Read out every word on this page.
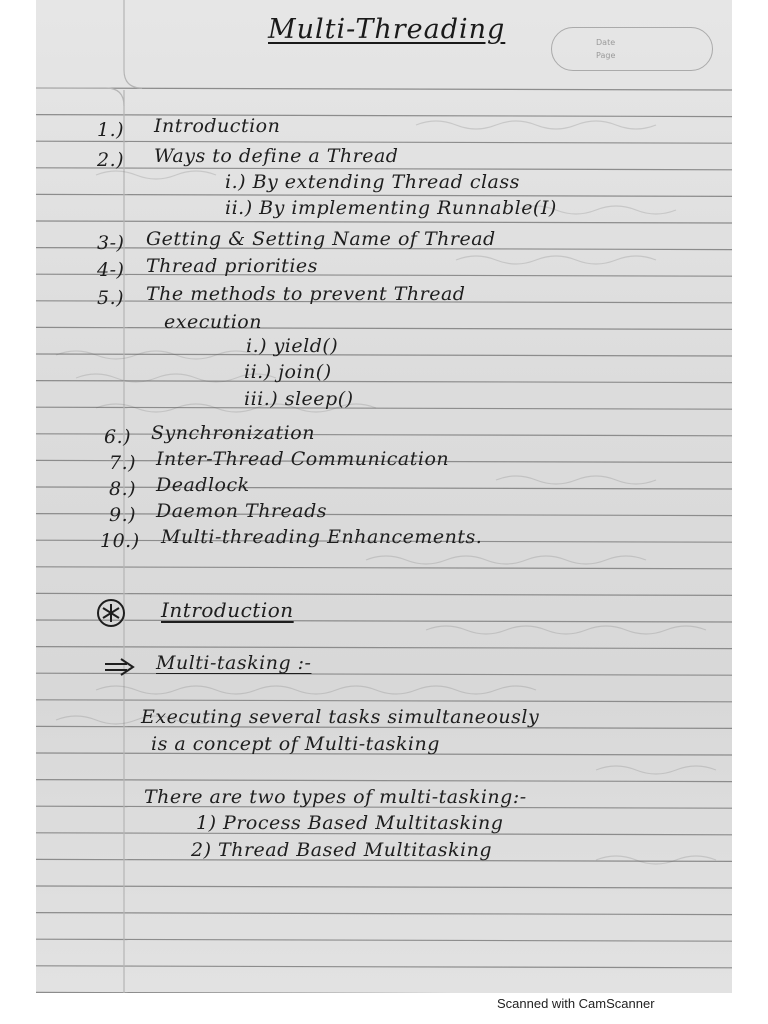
Multi-Threading	Date
Page
1.) Introduction
2.) Ways to define a Thread
i.) By extending Thread class
ii.) By implementing Runnable(I)
3-) Getting & Setting Name of Thread
4-) Thread priorities
5.) The methods to prevent Thread
execution
i.) yield()
ii.) join()
iii.) sleep()
6.) Synchronization
7.) Inter-Thread Communication
8.) Deadlock
9.) Daemon Threads
10.) Multi-threading Enhancements.
Introduction
Multi-tasking :-
Executing several tasks simultaneously
is a concept of Multi-tasking
There are two types of multi-tasking:-
1) Process Based Multitasking
2) Thread Based Multitasking
Scanned with CamScanner
